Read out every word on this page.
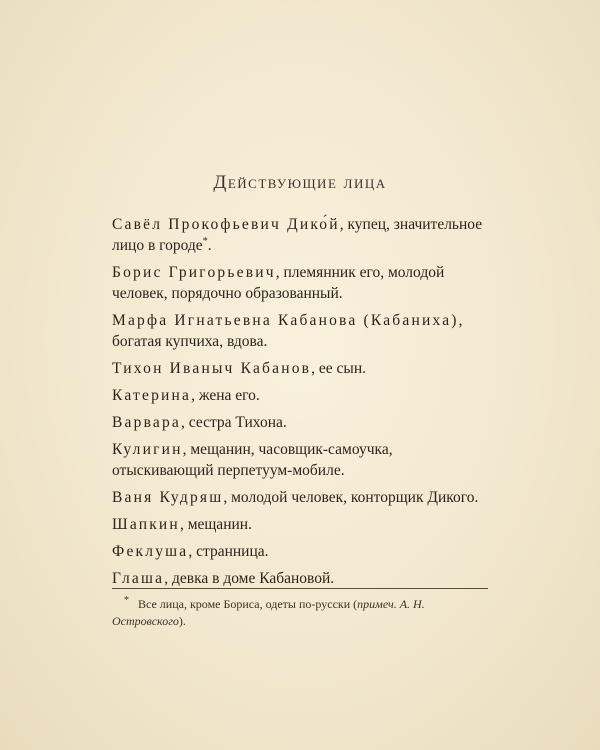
Действующие лица
Савёл Прокофьевич Дико́й, купец, значительное лицо в городе*.
Борис Григорьевич, племянник его, молодой человек, порядочно образованный.
Марфа Игнатьевна Кабанова (Кабаниха), богатая купчиха, вдова.
Тихон Иваныч Кабанов, ее сын.
Катерина, жена его.
Варвара, сестра Тихона.
Кулигин, мещанин, часовщик-самоучка, отыскивающий перпетуум-мобиле.
Ваня Кудряш, молодой человек, конторщик Дикого.
Шапкин, мещанин.
Феклуша, странница.
Глаша, девка в доме Кабановой.
* Все лица, кроме Бориса, одеты по-русски (примеч. А. Н. Островского).
